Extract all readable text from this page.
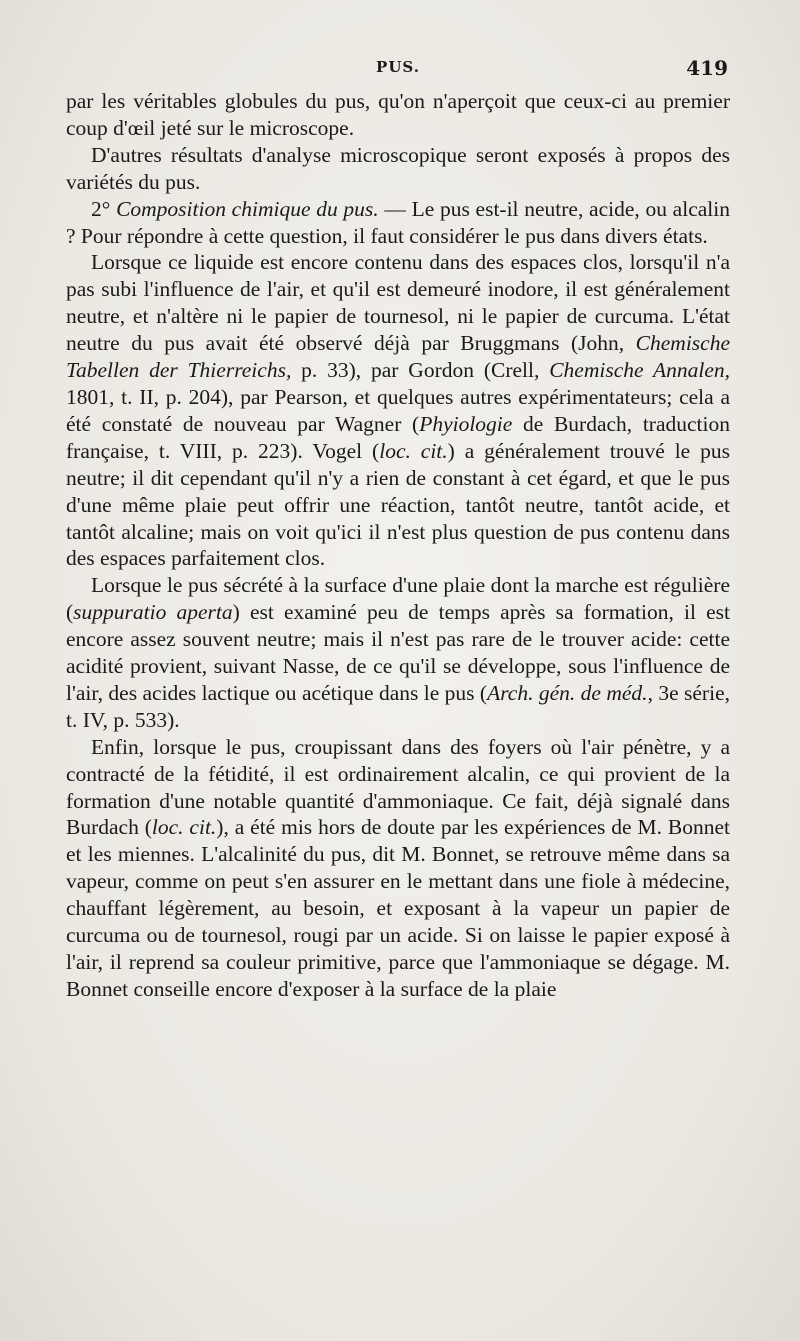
PUS.	419

par les véritables globules du pus, qu'on n'aperçoit que ceux-ci au premier coup d'œil jeté sur le microscope.

D'autres résultats d'analyse microscopique seront exposés à propos des variétés du pus.

2° Composition chimique du pus. — Le pus est-il neutre, acide, ou alcalin ? Pour répondre à cette question, il faut considérer le pus dans divers états.

Lorsque ce liquide est encore contenu dans des espaces clos, lorsqu'il n'a pas subi l'influence de l'air, et qu'il est demeuré inodore, il est généralement neutre, et n'altère ni le papier de tournesol, ni le papier de curcuma. L'état neutre du pus avait été observé déjà par Bruggmans (John, Chemische Tabellen der Thierreichs, p. 33), par Gordon (Crell, Chemische Annalen, 1801, t. II, p. 204), par Pearson, et quelques autres expérimentateurs; cela a été constaté de nouveau par Wagner (Phyiologie de Burdach, traduction française, t. VIII, p. 223). Vogel (loc. cit.) a généralement trouvé le pus neutre; il dit cependant qu'il n'y a rien de constant à cet égard, et que le pus d'une même plaie peut offrir une réaction, tantôt neutre, tantôt acide, et tantôt alcaline; mais on voit qu'ici il n'est plus question de pus contenu dans des espaces parfaitement clos.

Lorsque le pus sécrété à la surface d'une plaie dont la marche est régulière (suppuratio aperta) est examiné peu de temps après sa formation, il est encore assez souvent neutre; mais il n'est pas rare de le trouver acide: cette acidité provient, suivant Nasse, de ce qu'il se développe, sous l'influence de l'air, des acides lactique ou acétique dans le pus (Arch. gén. de méd., 3e série, t. IV, p. 533).

Enfin, lorsque le pus, croupissant dans des foyers où l'air pénètre, y a contracté de la fétidité, il est ordinairement alcalin, ce qui provient de la formation d'une notable quantité d'ammoniaque. Ce fait, déjà signalé dans Burdach (loc. cit.), a été mis hors de doute par les expériences de M. Bonnet et les miennes. L'alcalinité du pus, dit M. Bonnet, se retrouve même dans sa vapeur, comme on peut s'en assurer en le mettant dans une fiole à médecine, chauffant légèrement, au besoin, et exposant à la vapeur un papier de curcuma ou de tournesol, rougi par un acide. Si on laisse le papier exposé à l'air, il reprend sa couleur primitive, parce que l'ammoniaque se dégage. M. Bonnet conseille encore d'exposer à la surface de la plaie
